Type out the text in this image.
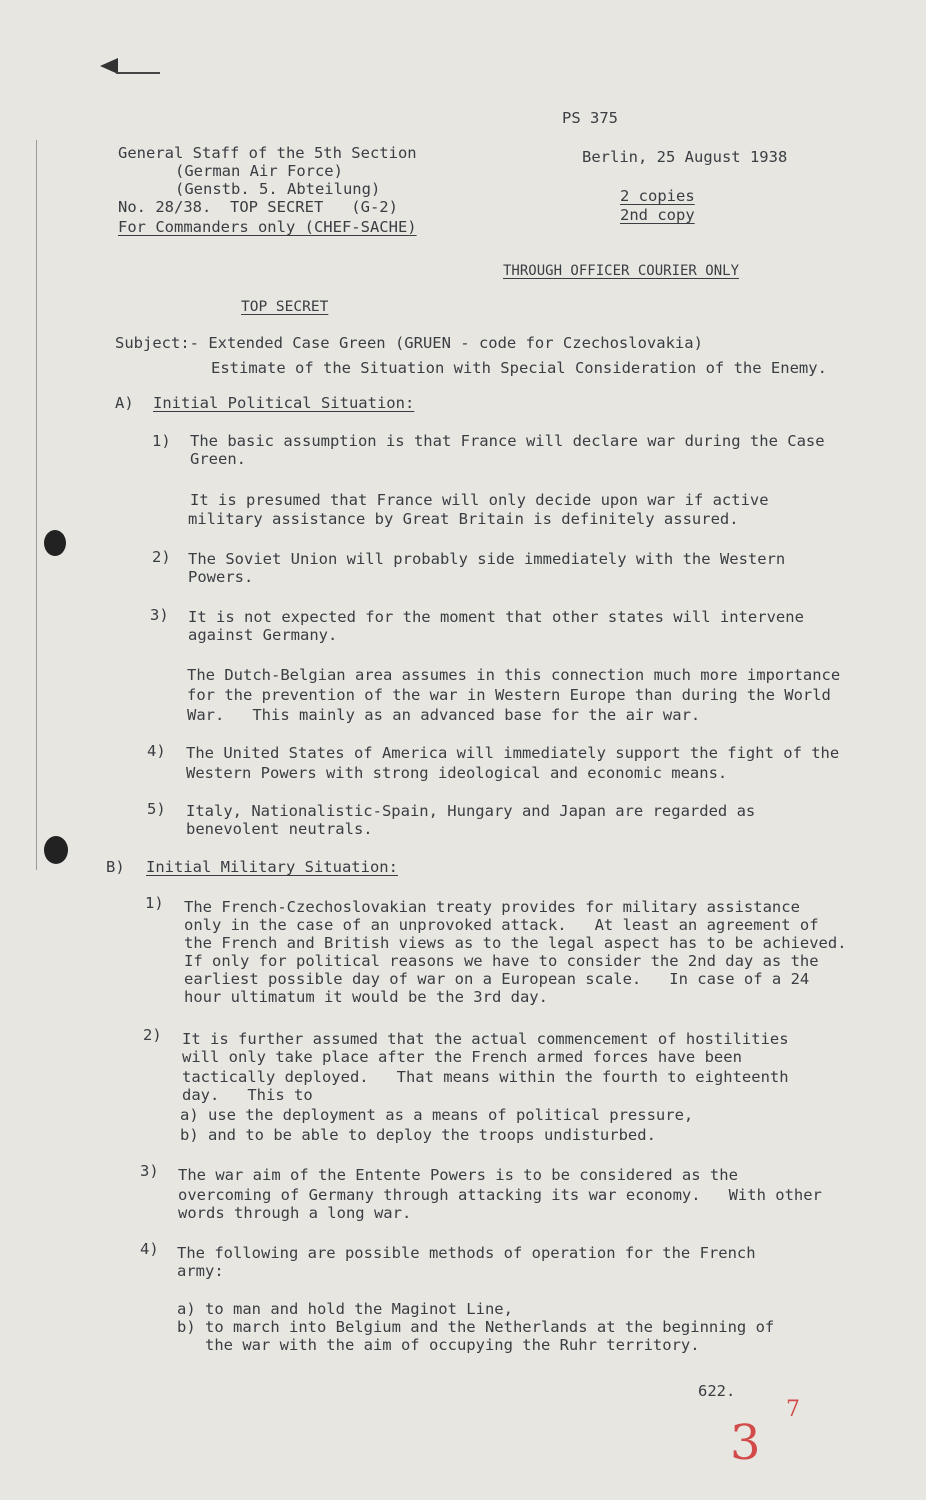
PS 375
General Staff of the 5th Section
(German Air Force)
(Genstb. 5. Abteilung)
No. 28/38.  TOP SECRET   (G-2)
For Commanders only (CHEF-SACHE)
Berlin, 25 August 1938
2 copies
2nd copy
THROUGH OFFICER COURIER ONLY
TOP SECRET
Subject:- Extended Case Green (GRUEN - code for Czechoslovakia)
Estimate of the Situation with Special Consideration of the Enemy.
A) Initial Political Situation:
1) The basic assumption is that France will declare war during the Case
Green.
It is presumed that France will only decide upon war if active
military assistance by Great Britain is definitely assured.
2) The Soviet Union will probably side immediately with the Western
Powers.
3) It is not expected for the moment that other states will intervene
against Germany.
The Dutch-Belgian area assumes in this connection much more importance
for the prevention of the war in Western Europe than during the World
War.   This mainly as an advanced base for the air war.
4) The United States of America will immediately support the fight of the
Western Powers with strong ideological and economic means.
5) Italy, Nationalistic-Spain, Hungary and Japan are regarded as
benevolent neutrals.
B) Initial Military Situation:
1) The French-Czechoslovakian treaty provides for military assistance
only in the case of an unprovoked attack.   At least an agreement of
the French and British views as to the legal aspect has to be achieved.
If only for political reasons we have to consider the 2nd day as the
earliest possible day of war on a European scale.   In case of a 24
hour ultimatum it would be the 3rd day.
2) It is further assumed that the actual commencement of hostilities
will only take place after the French armed forces have been
tactically deployed.   That means within the fourth to eighteenth
day.   This to
a) use the deployment as a means of political pressure,
b) and to be able to deploy the troops undisturbed.
3) The war aim of the Entente Powers is to be considered as the
overcoming of Germany through attacking its war economy.   With other
words through a long war.
4) The following are possible methods of operation for the French
army:
a) to man and hold the Maginot Line,
b) to march into Belgium and the Netherlands at the beginning of
the war with the aim of occupying the Ruhr territory.
622.
3
7
